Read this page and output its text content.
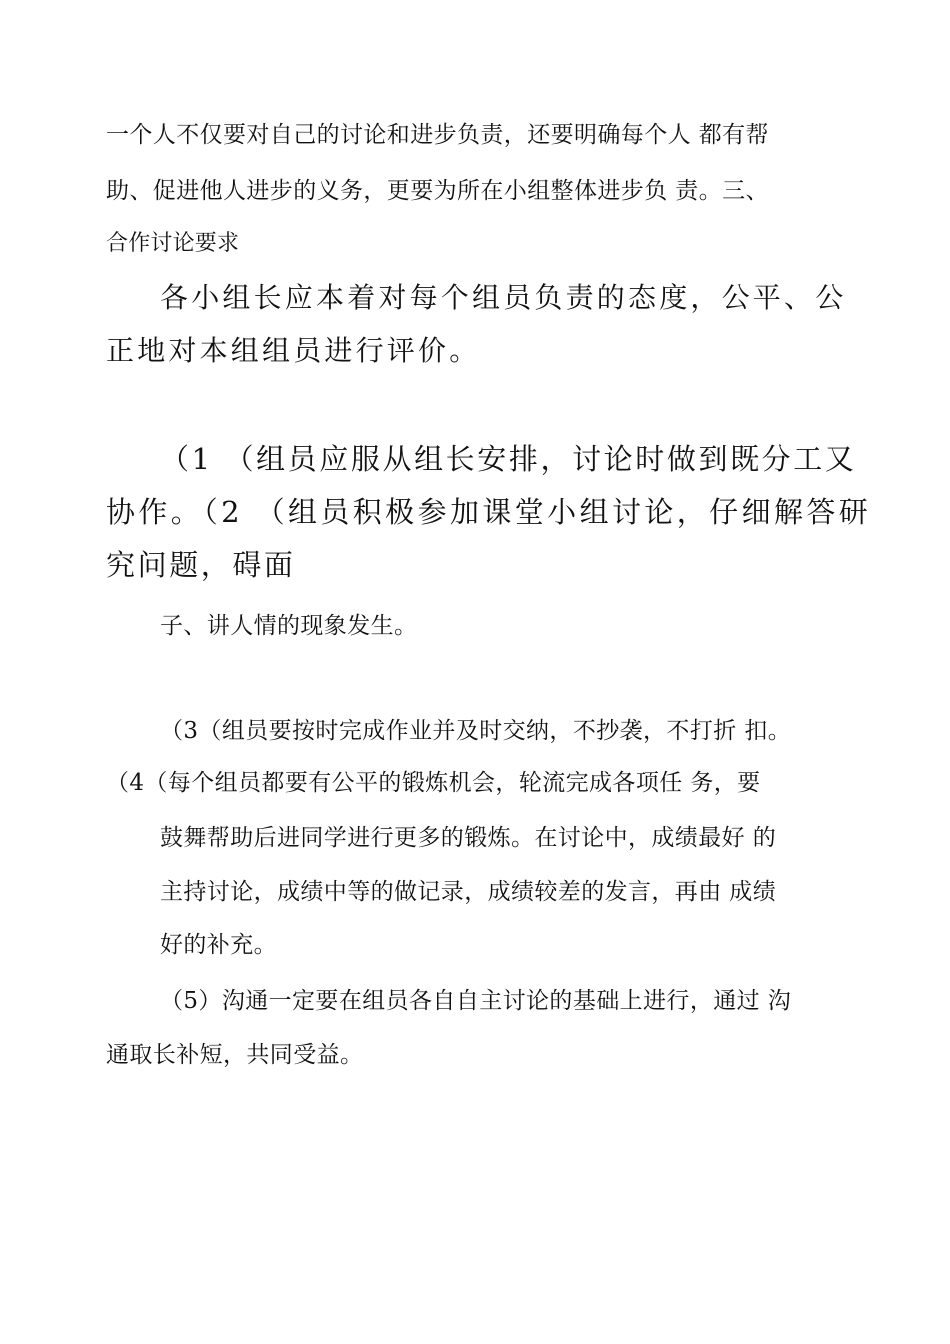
一个人不仅要对自己的讨论和进步负责，还要明确每个人 都有帮

助、促进他人进步的义务，更要为所在小组整体进步负 责。三、

合作讨论要求

各小组长应本着对每个组员负责的态度，公平、公

正地对本组组员进行评价。

（1 （组员应服从组长安排，讨论时做到既分工又

协作。（2 （组员积极参加课堂小组讨论，仔细解答研

究问题，碍面

子、讲人情的现象发生。

（3（组员要按时完成作业并及时交纳，不抄袭，不打折 扣。

（4（每个组员都要有公平的锻炼机会，轮流完成各项任 务，要

鼓舞帮助后进同学进行更多的锻炼。在讨论中，成绩最好 的

主持讨论，成绩中等的做记录，成绩较差的发言，再由 成绩

好的补充。

（5）沟通一定要在组员各自自主讨论的基础上进行，通过 沟

通取长补短，共同受益。
